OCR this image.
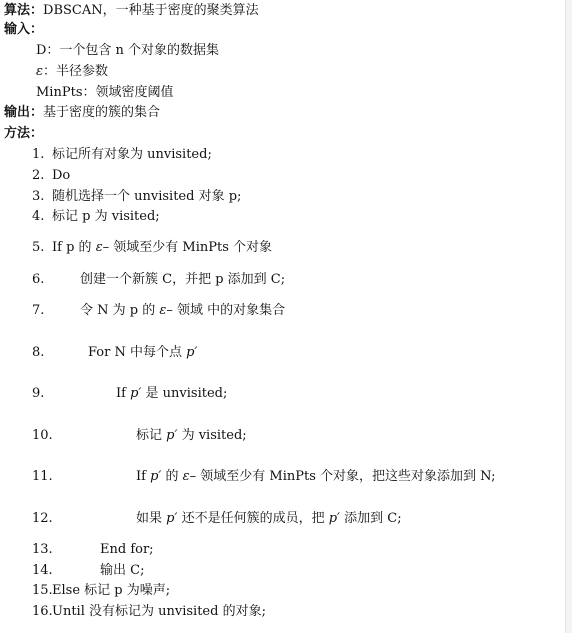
算法：DBSCAN，一种基于密度的聚类算法
输入：
D：一个包含 n 个对象的数据集
ε：半径参数
MinPts：领域密度阈值
输出：基于密度的簇的集合
方法：
1. 标记所有对象为 unvisited;
2. Do
3. 随机选择一个 unvisited 对象 p;
4. 标记 p 为 visited;
5. If p 的 ε– 领域至少有 MinPts 个对象
6.	创建一个新簇 C，并把 p 添加到 C;
7.	令 N 为 p 的 ε– 领域 中的对象集合
8.	For N 中每个点 p′
9.	If p′ 是 unvisited;
10.	标记 p′ 为 visited;
11.	If p′ 的 ε– 领域至少有 MinPts 个对象，把这些对象添加到 N;
12.	如果 p′ 还不是任何簇的成员，把 p′ 添加到 C;
13.	End for;
14.	输出 C;
15.Else 标记 p 为噪声;
16.Until 没有标记为 unvisited 的对象;
